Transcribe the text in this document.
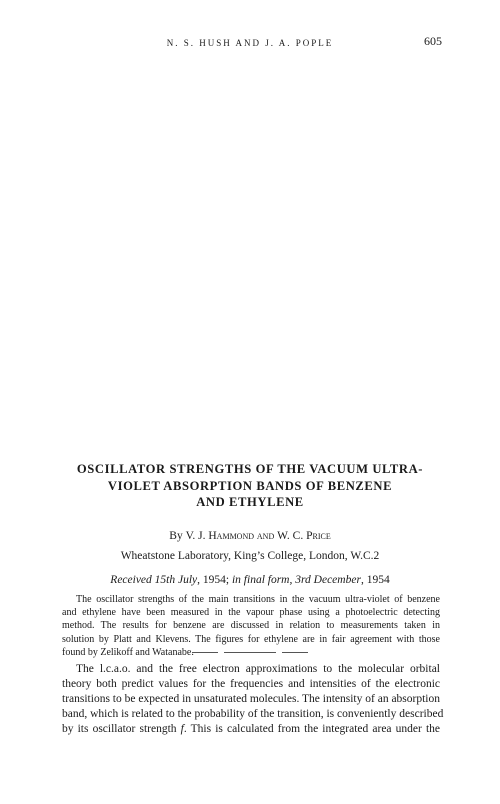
N. S. HUSH AND J. A. POPLE	605
OSCILLATOR STRENGTHS OF THE VACUUM ULTRA-
VIOLET ABSORPTION BANDS OF BENZENE
AND ETHYLENE
By V. J. Hammond and W. C. Price
Wheatstone Laboratory, King’s College, London, W.C.2
Received 15th July, 1954; in final form, 3rd December, 1954
The oscillator strengths of the main transitions in the vacuum ultra-violet of benzene
and ethylene have been measured in the vapour phase using a photoelectric detecting
method. The results for benzene are discussed in relation to measurements taken in
solution by Platt and Klevens. The figures for ethylene are in fair agreement with those
found by Zelikoff and Watanabe.
The l.c.a.o. and the free electron approximations to the molecular orbital
theory both predict values for the frequencies and intensities of the electronic
transitions to be expected in unsaturated molecules. The intensity of an absorption
band, which is related to the probability of the transition, is conveniently described
by its oscillator strength f. This is calculated from the integrated area under the
